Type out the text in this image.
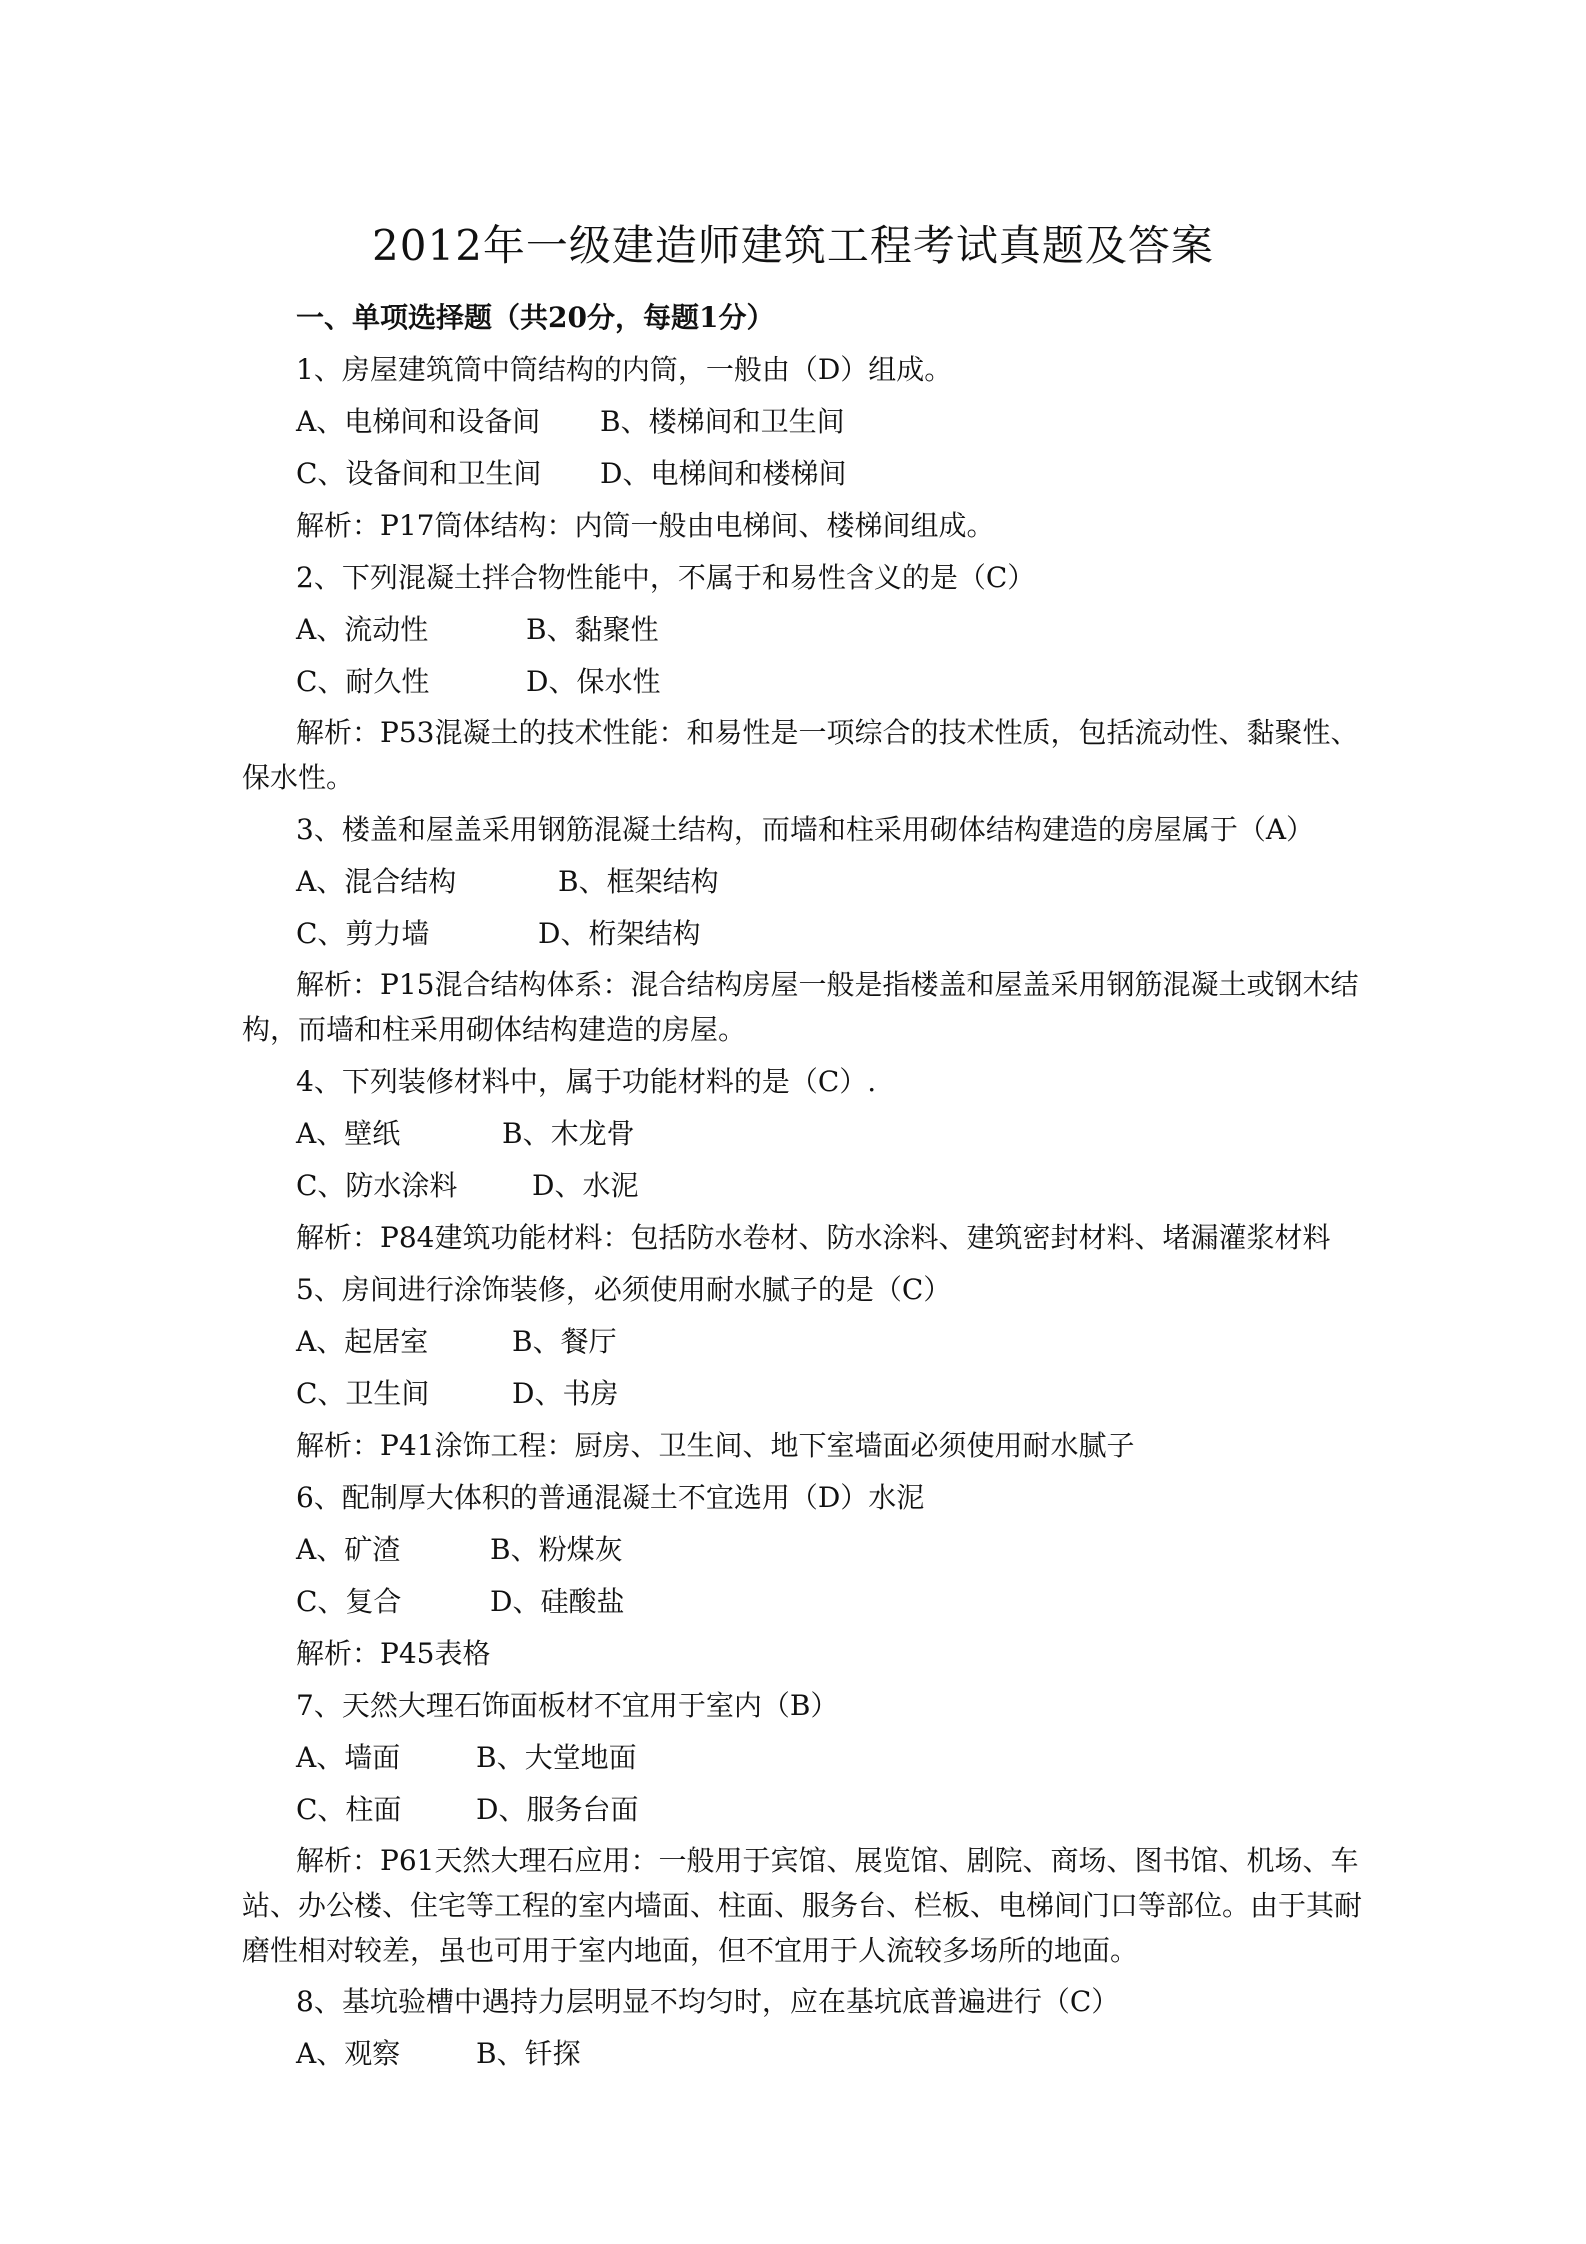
2012年一级建造师建筑工程考试真题及答案
一、单项选择题（共20分，每题1分）
1、房屋建筑筒中筒结构的内筒，一般由（D）组成。
A、电梯间和设备间 B、楼梯间和卫生间
C、设备间和卫生间 D、电梯间和楼梯间
解析：P17筒体结构：内筒一般由电梯间、楼梯间组成。
2、下列混凝土拌合物性能中，不属于和易性含义的是（C）
A、流动性	B、黏聚性
C、耐久性	D、保水性
解析：P53混凝土的技术性能：和易性是一项综合的技术性质，包括流动性、黏聚性、
保水性。
3、楼盖和屋盖采用钢筋混凝土结构，而墙和柱采用砌体结构建造的房屋属于（A）
A、混合结构	B、框架结构
C、剪力墙	D、桁架结构
解析：P15混合结构体系：混合结构房屋一般是指楼盖和屋盖采用钢筋混凝土或钢木结
构，而墙和柱采用砌体结构建造的房屋。
4、下列装修材料中，属于功能材料的是（C）.
A、壁纸	B、木龙骨
C、防水涂料	D、水泥
解析：P84建筑功能材料：包括防水卷材、防水涂料、建筑密封材料、堵漏灌浆材料
5、房间进行涂饰装修，必须使用耐水腻子的是（C）
A、起居室	B、餐厅
C、卫生间	D、书房
解析：P41涂饰工程：厨房、卫生间、地下室墙面必须使用耐水腻子
6、配制厚大体积的普通混凝土不宜选用（D）水泥
A、矿渣	B、粉煤灰
C、复合	D、硅酸盐
解析：P45表格
7、天然大理石饰面板材不宜用于室内（B）
A、墙面	B、大堂地面
C、柱面	D、服务台面
解析：P61天然大理石应用：一般用于宾馆、展览馆、剧院、商场、图书馆、机场、车
站、办公楼、住宅等工程的室内墙面、柱面、服务台、栏板、电梯间门口等部位。由于其耐
磨性相对较差，虽也可用于室内地面，但不宜用于人流较多场所的地面。
8、基坑验槽中遇持力层明显不均匀时，应在基坑底普遍进行（C）
A、观察	B、钎探
